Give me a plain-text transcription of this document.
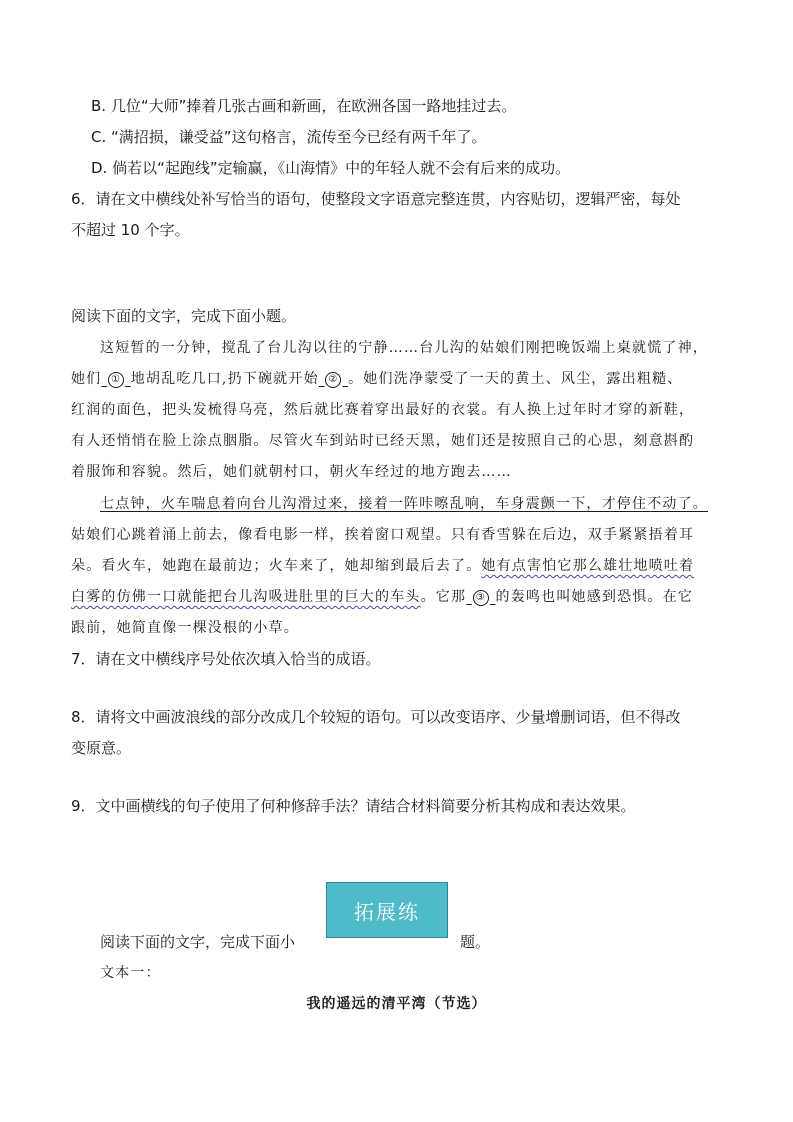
B. 几位“大师”捧着几张古画和新画，在欧洲各国一路地挂过去。
C. “满招损，谦受益”这句格言，流传至今已经有两千年了。
D. 倘若以“起跑线”定输赢，《山海情》中的年轻人就不会有后来的成功。
6．请在文中横线处补写恰当的语句，使整段文字语意完整连贯，内容贴切，逻辑严密，每处
不超过 10 个字。
阅读下面的文字，完成下面小题。
这短暂的一分钟，搅乱了台儿沟以往的宁静……台儿沟的姑娘们刚把晚饭端上桌就慌了神，
她们 ① 地胡乱吃几口,扔下碗就开始 ② 。她们洗净蒙受了一天的黄土、风尘，露出粗糙、
红润的面色，把头发梳得乌亮，然后就比赛着穿出最好的衣裳。有人换上过年时才穿的新鞋，
有人还悄悄在脸上涂点胭脂。尽管火车到站时已经天黑，她们还是按照自己的心思，刻意斟酌
着服饰和容貌。然后，她们就朝村口，朝火车经过的地方跑去……
七点钟，火车喘息着向台儿沟滑过来，接着一阵咔嚓乱响，车身震颤一下，才停住不动了。
姑娘们心跳着涌上前去，像看电影一样，挨着窗口观望。只有香雪躲在后边，双手紧紧捂着耳
朵。看火车，她跑在最前边；火车来了，她却缩到最后去了。她有点害怕它那么雄壮地喷吐着
白雾的仿佛一口就能把台儿沟吸进肚里的巨大的车头。它那 ③ 的轰鸣也叫她感到恐惧。在它
跟前，她简直像一棵没根的小草。
7．请在文中横线序号处依次填入恰当的成语。
8．请将文中画波浪线的部分改成几个较短的语句。可以改变语序、少量增删词语，但不得改
变原意。
9．文中画横线的句子使用了何种修辞手法？请结合材料简要分析其构成和表达效果。
拓展练
阅读下面的文字，完成下面小	题。
文本一：
我的遥远的清平湾（节选）
